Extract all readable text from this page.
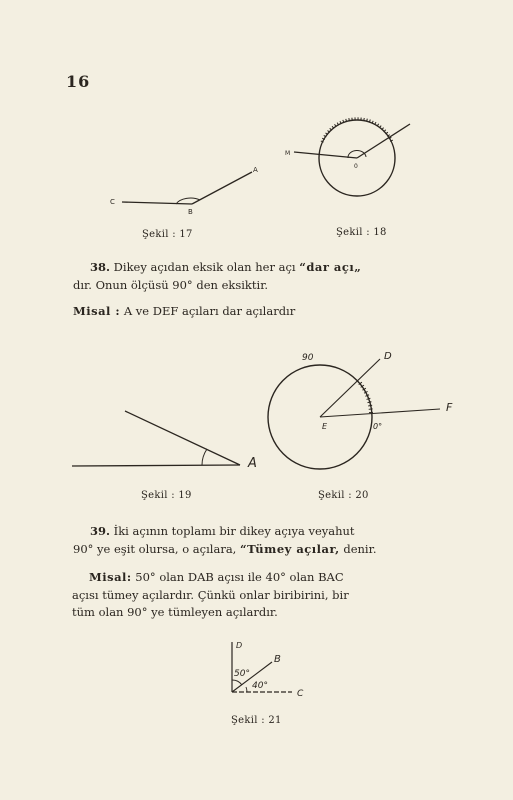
16
C
B
A
Şekil : 17
M
0
Şekil : 18
38. Dikey açıdan eksik olan her açı “dar açı„
dır. Onun ölçüsü 90° den eksiktir.
Misal : A ve DEF açıları dar açılardır
A
Şekil : 19
90	D
E	0°
F
Şekil : 20
39. İki açının toplamı bir dikey açıya veyahut
90° ye eşit olursa, o açılara, “Tümey açılar, denir.
Misal: 50° olan DAB açısı ile 40° olan BAC
açısı tümey açılardır. Çünkü onlar biribirini, bir
tüm olan 90° ye tümleyen açılardır.
D
B
50°
40°
C
Şekil : 21
